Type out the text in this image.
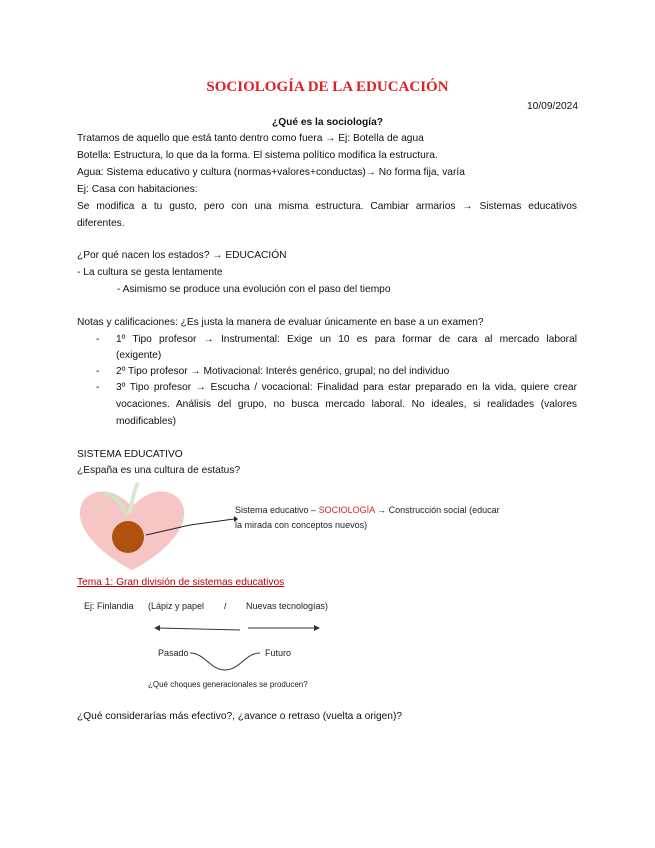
SOCIOLOGÍA DE LA EDUCACIÓN
10/09/2024
¿Qué es la sociología?
Tratamos de aquello que está tanto dentro como fuera → Ej: Botella de agua
Botella: Estructura, lo que da la forma. El sistema político modifica la estructura.
Agua: Sistema educativo y cultura (normas+valores+conductas)→ No forma fija, varía
Ej: Casa con habitaciones:
Se modifica a tu gusto, pero con una misma estructura. Cambiar armarios → Sistemas educativos
diferentes.
¿Por qué nacen los estados? → EDUCACIÓN
- La cultura se gesta lentamente
- Asimismo se produce una evolución con el paso del tiempo
Notas y calificaciones: ¿Es justa la manera de evaluar únicamente en base a un examen?
- 1º Tipo profesor → Instrumental: Exige un 10 es para formar de cara al mercado laboral
(exigente)
- 2º Tipo profesor → Motivacional: Interés genérico, grupal; no del individuo
- 3º Tipo profesor → Escucha / vocacional: Finalidad para estar preparado en la vida, quiere crear
vocaciones. Análisis del grupo, no busca mercado laboral. No ideales, si realidades (valores
modificables)
SISTEMA EDUCATIVO
¿España es una cultura de estatus?
Sistema educativo – SOCIOLOGÍA → Construcción social (educar
la mirada con conceptos nuevos)
Tema 1: Gran división de sistemas educativos
Ej: Finlandia (Lápiz y papel / Nuevas tecnologías)
Pasado	Futuro
¿Qué choques generacionales se producen?
¿Qué considerarías más efectivo?, ¿avance o retraso (vuelta a origen)?
